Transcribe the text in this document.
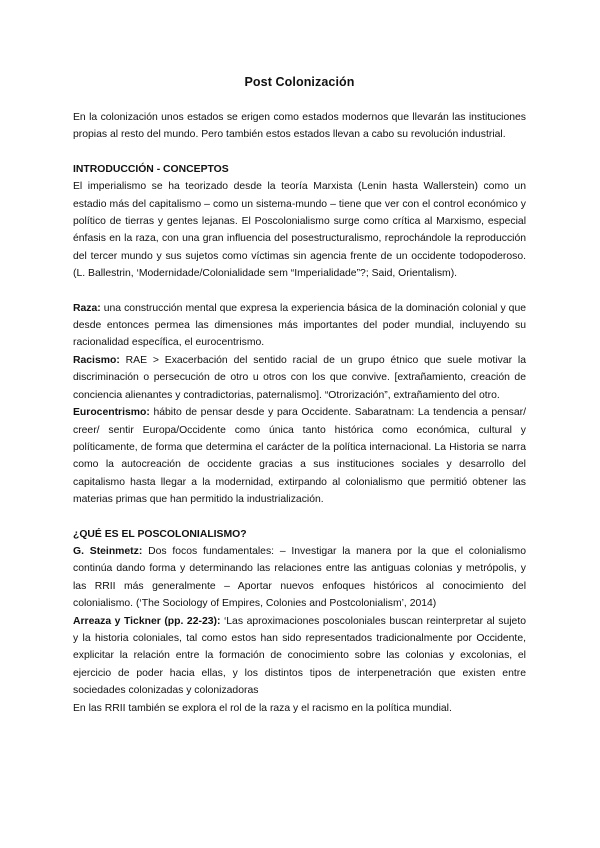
Post Colonización

En la colonización unos estados se erigen como estados modernos que llevarán las instituciones propias al resto del mundo. Pero también estos estados llevan a cabo su revolución industrial.

INTRODUCCIÓN - CONCEPTOS

El imperialismo se ha teorizado desde la teoría Marxista (Lenin hasta Wallerstein) como un estadio más del capitalismo – como un sistema-mundo – tiene que ver con el control económico y político de tierras y gentes lejanas. El Poscolonialismo surge como crítica al Marxismo, especial énfasis en la raza, con una gran influencia del posestructuralismo, reprochándole la reproducción del tercer mundo y sus sujetos como víctimas sin agencia frente de un occidente todopoderoso. (L. Ballestrin, ‘Modernidade/Colonialidade sem “Imperialidade”?; Said, Orientalism).

Raza: una construcción mental que expresa la experiencia básica de la dominación colonial y que desde entonces permea las dimensiones más importantes del poder mundial, incluyendo su racionalidad específica, el eurocentrismo.

Racismo: RAE > Exacerbación del sentido racial de un grupo étnico que suele motivar la discriminación o persecución de otro u otros con los que convive. [extrañamiento, creación de conciencia alienantes y contradictorias, paternalismo]. “Otrorización”, extrañamiento del otro.

Eurocentrismo: hábito de pensar desde y para Occidente. Sabaratnam: La tendencia a pensar/ creer/ sentir Europa/Occidente como única tanto histórica como económica, cultural y políticamente, de forma que determina el carácter de la política internacional. La Historia se narra como la autocreación de occidente gracias a sus instituciones sociales y desarrollo del capitalismo hasta llegar a la modernidad, extirpando al colonialismo que permitió obtener las materias primas que han permitido la industrialización.

¿QUÉ ES EL POSCOLONIALISMO?

G. Steinmetz: Dos focos fundamentales: – Investigar la manera por la que el colonialismo continúa dando forma y determinando las relaciones entre las antiguas colonias y metrópolis, y las RRII más generalmente – Aportar nuevos enfoques históricos al conocimiento del colonialismo. (‘The Sociology of Empires, Colonies and Postcolonialism’, 2014)

Arreaza y Tickner (pp. 22-23): ‘Las aproximaciones poscoloniales buscan reinterpretar al sujeto y la historia coloniales, tal como estos han sido representados tradicionalmente por Occidente, explicitar la relación entre la formación de conocimiento sobre las colonias y excolonias, el ejercicio de poder hacia ellas, y los distintos tipos de interpenetración que existen entre sociedades colonizadas y colonizadoras

En las RRII también se explora el rol de la raza y el racismo en la política mundial.
